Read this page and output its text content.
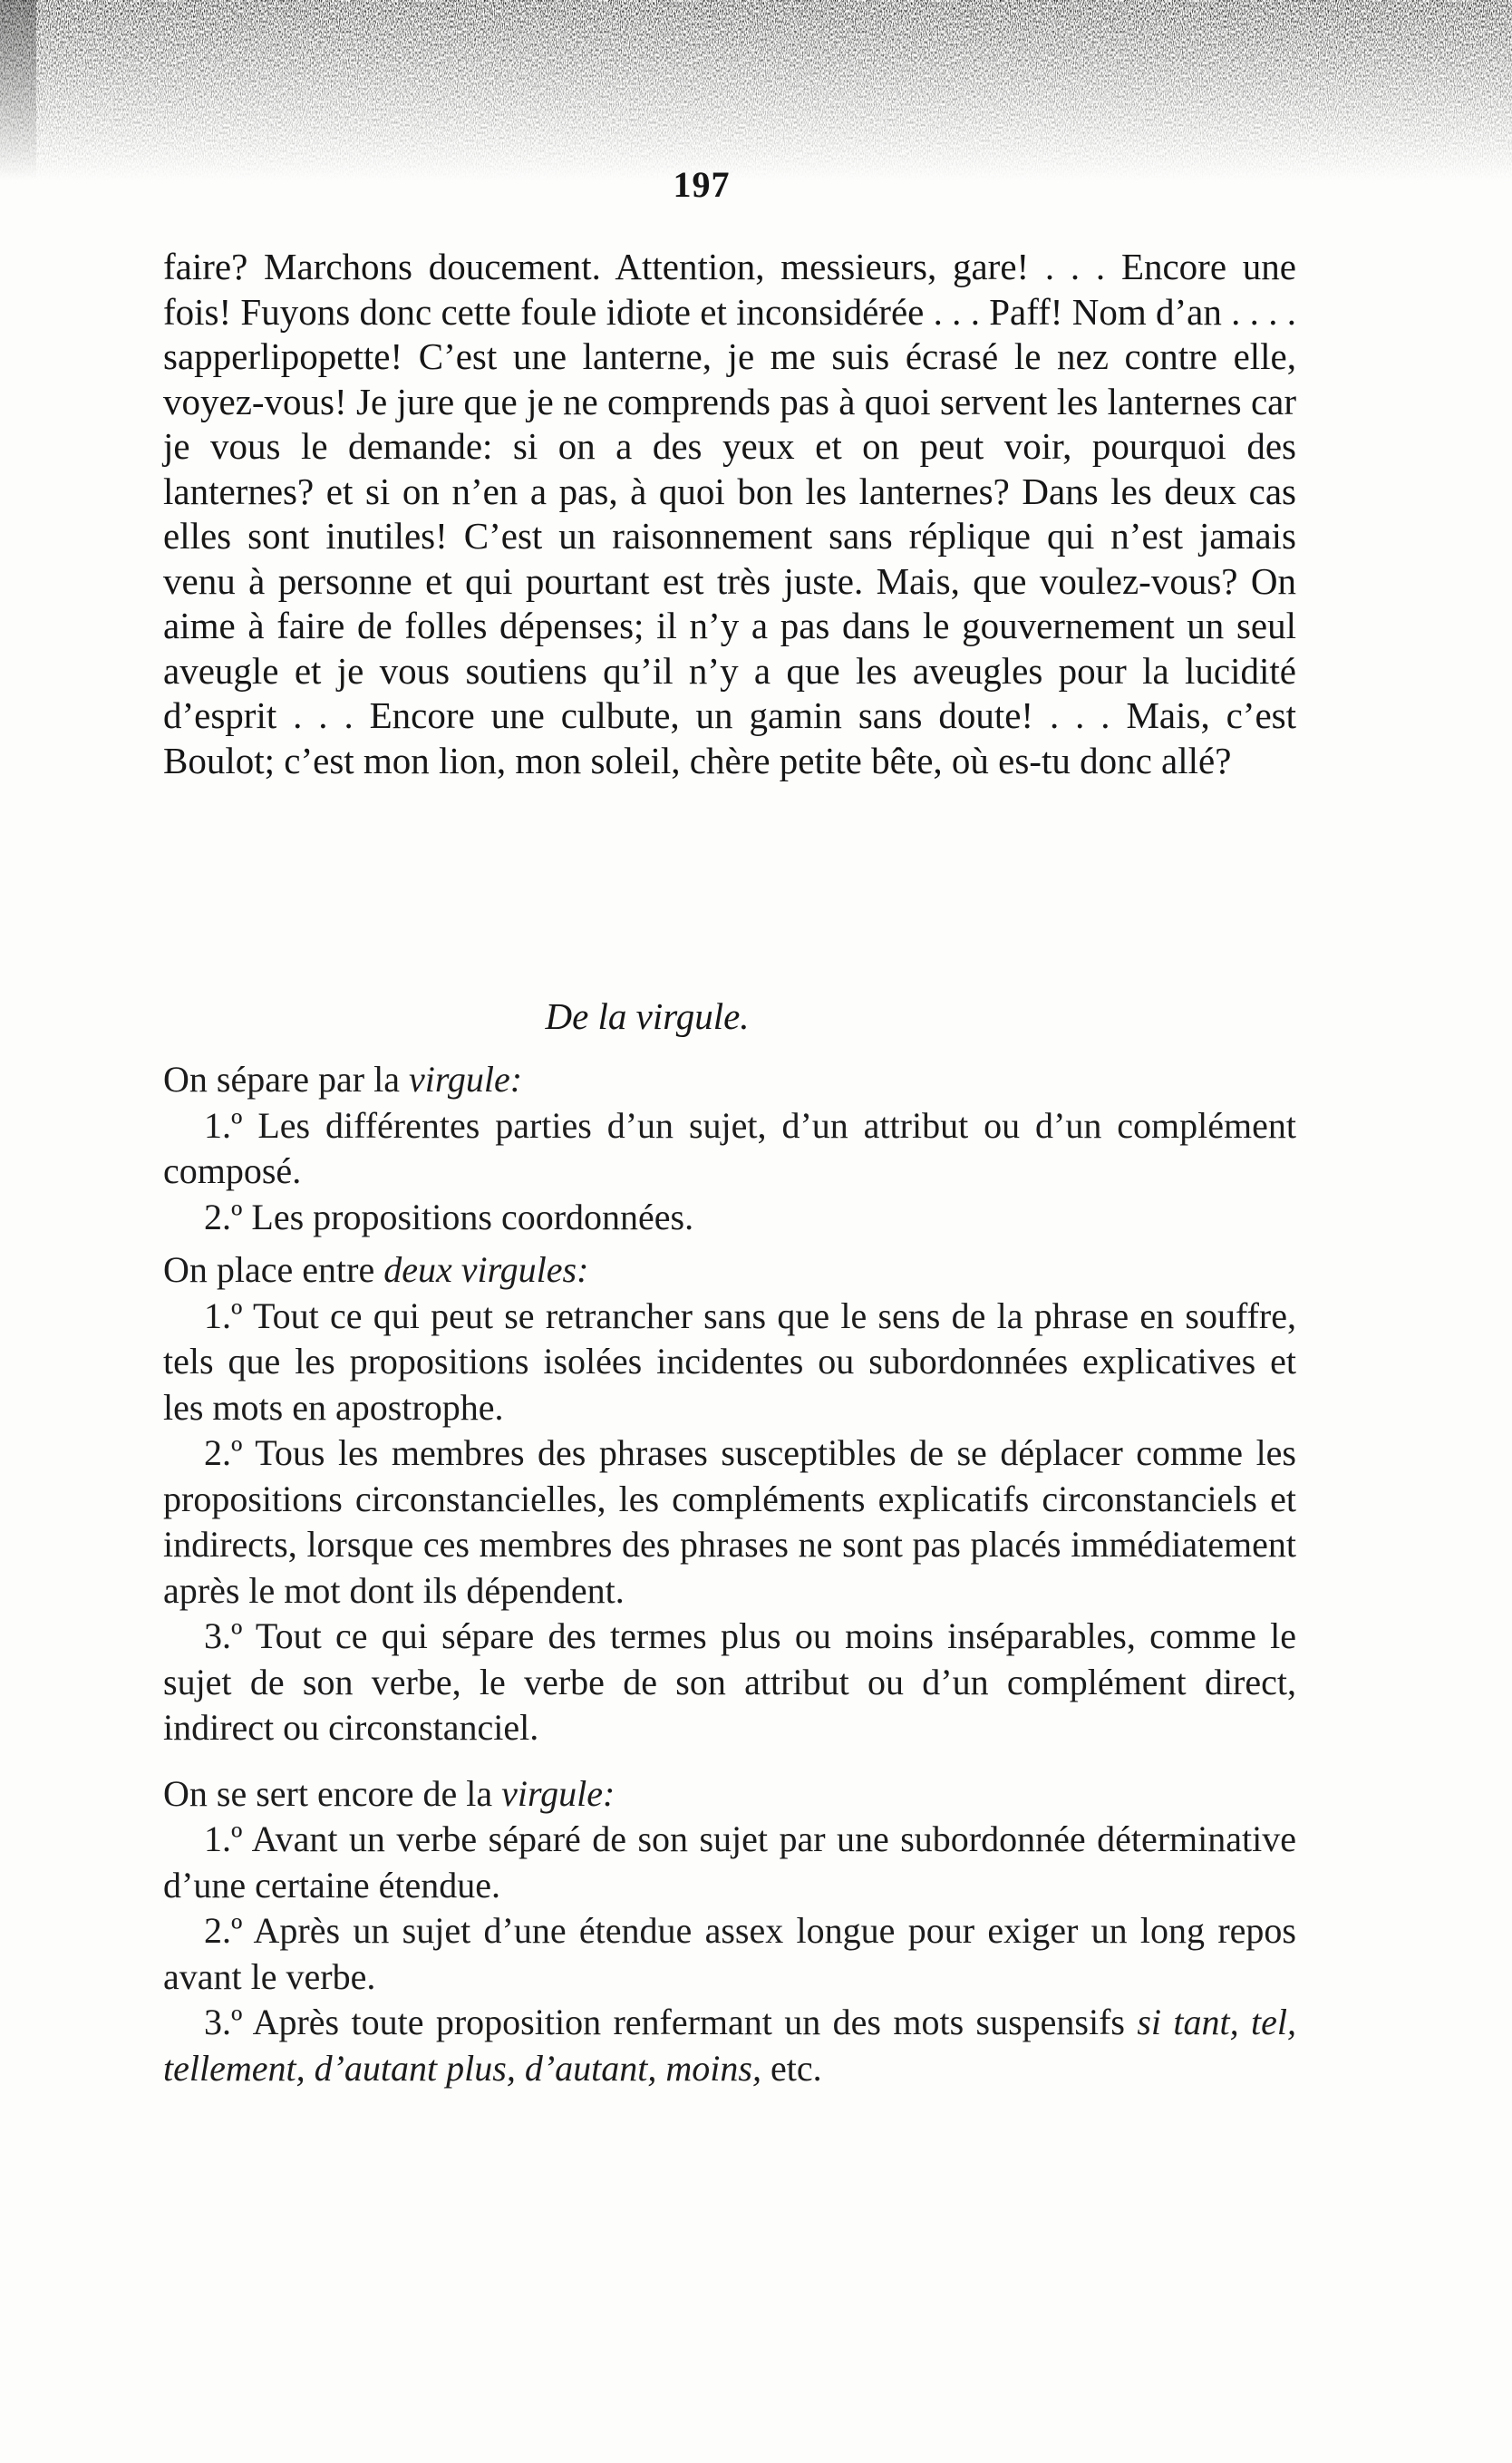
197
faire? Marchons doucement. Attention, messieurs, gare! . . . Encore une fois! Fuyons donc cette foule idiote et inconsidérée . . . Paff! Nom d’an . . . . sapperlipopette! C’est une lanterne, je me suis écrasé le nez contre elle, voyez-vous! Je jure que je ne comprends pas à quoi servent les lanternes car je vous le demande: si on a des yeux et on peut voir, pourquoi des lanternes? et si on n’en a pas, à quoi bon les lanternes? Dans les deux cas elles sont inutiles! C’est un raisonnement sans réplique qui n’est jamais venu à personne et qui pourtant est très juste. Mais, que voulez-vous? On aime à faire de folles dépenses; il n’y a pas dans le gouvernement un seul aveugle et je vous soutiens qu’il n’y a que les aveugles pour la lucidité d’esprit . . . Encore une culbute, un gamin sans doute! . . . Mais, c’est Boulot; c’est mon lion, mon soleil, chère petite bête, où es-tu donc allé?
De la virgule.

On sépare par la virgule:

1.º Les différentes parties d’un sujet, d’un attribut ou d’un complément composé.

2.º Les propositions coordonnées.

On place entre deux virgules:

1.º Tout ce qui peut se retrancher sans que le sens de la phrase en souffre, tels que les propositions isolées incidentes ou subordonnées explicatives et les mots en apostrophe.

2.º Tous les membres des phrases susceptibles de se déplacer comme les propositions circonstancielles, les compléments explicatifs circonstanciels et indirects, lorsque ces membres des phrases ne sont pas placés immédiatement après le mot dont ils dépendent.

3.º Tout ce qui sépare des termes plus ou moins inséparables, comme le sujet de son verbe, le verbe de son attribut ou d’un complément direct, indirect ou circonstanciel.

On se sert encore de la virgule:

1.º Avant un verbe séparé de son sujet par une subordonnée déterminative d’une certaine étendue.

2.º Après un sujet d’une étendue assex longue pour exiger un long repos avant le verbe.

3.º Après toute proposition renfermant un des mots suspensifs si tant, tel, tellement, d’autant plus, d’autant, moins, etc.
